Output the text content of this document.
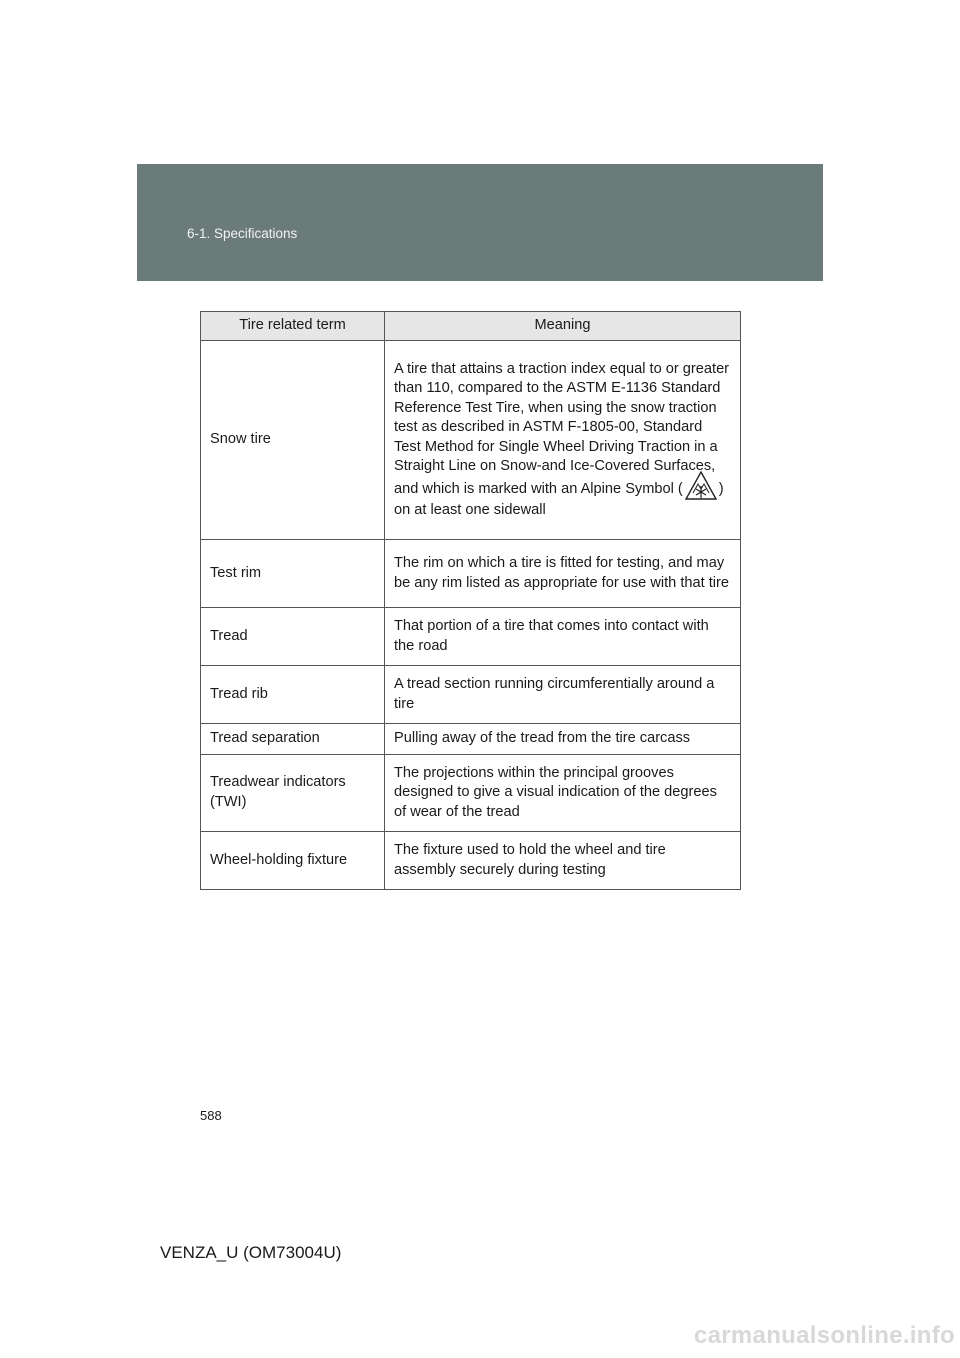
6-1. Specifications
Tire related term	Meaning
Snow tire	A tire that attains a traction index equal to or greater than 110, compared to the ASTM E-1136 Standard Reference Test Tire, when using the snow traction test as described in ASTM F-1805-00, Standard Test Method for Single Wheel Driving Traction in a Straight Line on Snow-and Ice-Covered Surfaces, and which is marked with an Alpine Symbol ( ) on at least one sidewall
Test rim	The rim on which a tire is fitted for testing, and may be any rim listed as appropriate for use with that tire
Tread	That portion of a tire that comes into contact with the road
Tread rib	A tread section running circumferentially around a tire
Tread separation	Pulling away of the tread from the tire carcass
Treadwear indicators (TWI)	The projections within the principal grooves designed to give a visual indication of the degrees of wear of the tread
Wheel-holding fixture	The fixture used to hold the wheel and tire assembly securely during testing
588
VENZA_U (OM73004U)
carmanualsonline.info
